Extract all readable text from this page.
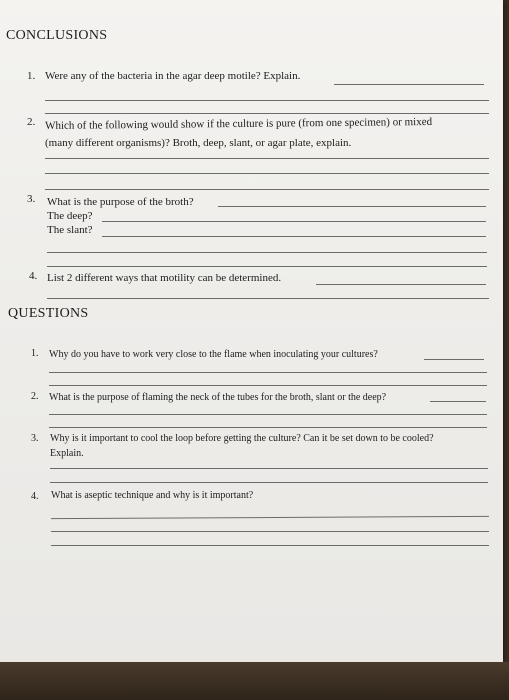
CONCLUSIONS
1. Were any of the bacteria in the agar deep motile? Explain.
2. Which of the following would show if the culture is pure (from one specimen) or mixed
(many different organisms)? Broth, deep, slant, or agar plate, explain.
3. What is the purpose of the broth?
The deep?
The slant?
4. List 2 different ways that motility can be determined.
QUESTIONS
1. Why do you have to work very close to the flame when inoculating your cultures?
2. What is the purpose of flaming the neck of the tubes for the broth, slant or the deep?
3. Why is it important to cool the loop before getting the culture? Can it be set down to be cooled?
Explain.
4. What is aseptic technique and why is it important?
